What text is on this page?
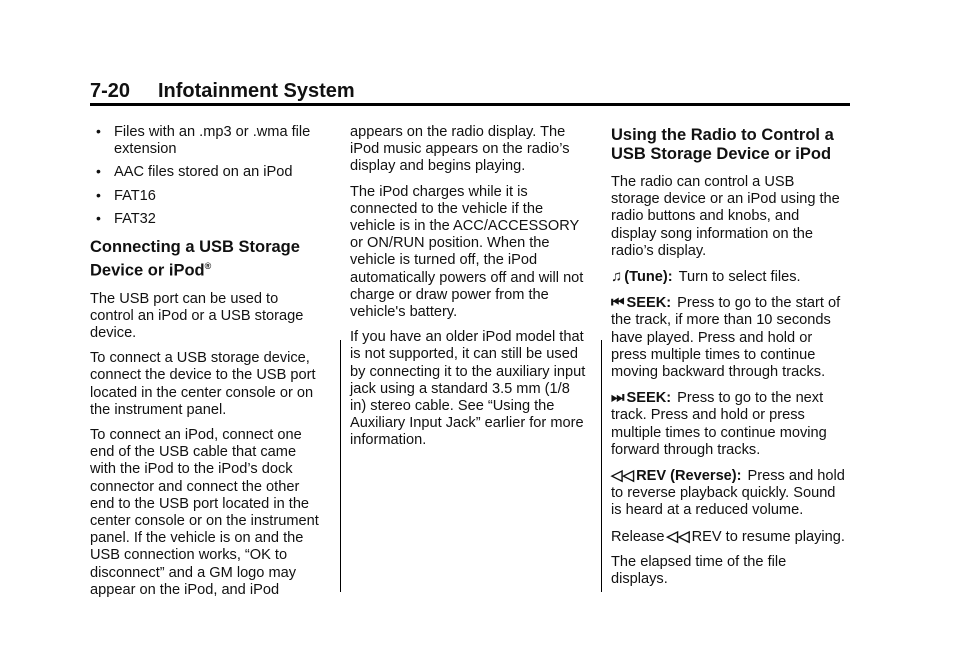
7-20 Infotainment System
• Files with an .mp3 or .wma file extension
• AAC files stored on an iPod
• FAT16
• FAT32
Connecting a USB Storage Device or iPod®

The USB port can be used to control an iPod or a USB storage device.

To connect a USB storage device, connect the device to the USB port located in the center console or on the instrument panel.

To connect an iPod, connect one end of the USB cable that came with the iPod to the iPod’s dock connector and connect the other end to the USB port located in the center console or on the instrument panel. If the vehicle is on and the USB connection works, “OK to disconnect” and a GM logo may appear on the iPod, and iPod

appears on the radio display. The iPod music appears on the radio’s display and begins playing.

The iPod charges while it is connected to the vehicle if the vehicle is in the ACC/ACCESSORY or ON/RUN position. When the vehicle is turned off, the iPod automatically powers off and will not charge or draw power from the vehicle's battery.

If you have an older iPod model that is not supported, it can still be used by connecting it to the auxiliary input jack using a standard 3.5 mm (1/8 in) stereo cable. See “Using the Auxiliary Input Jack” earlier for more information.

Using the Radio to Control a USB Storage Device or iPod

The radio can control a USB storage device or an iPod using the radio buttons and knobs, and display song information on the radio’s display.

♫ (Tune): Turn to select files.

⏮ SEEK: Press to go to the start of the track, if more than 10 seconds have played. Press and hold or press multiple times to continue moving backward through tracks.

⏭ SEEK: Press to go to the next track. Press and hold or press multiple times to continue moving forward through tracks.

◁◁ REV (Reverse): Press and hold to reverse playback quickly. Sound is heard at a reduced volume.

Release ◁◁ REV to resume playing.

The elapsed time of the file displays.
